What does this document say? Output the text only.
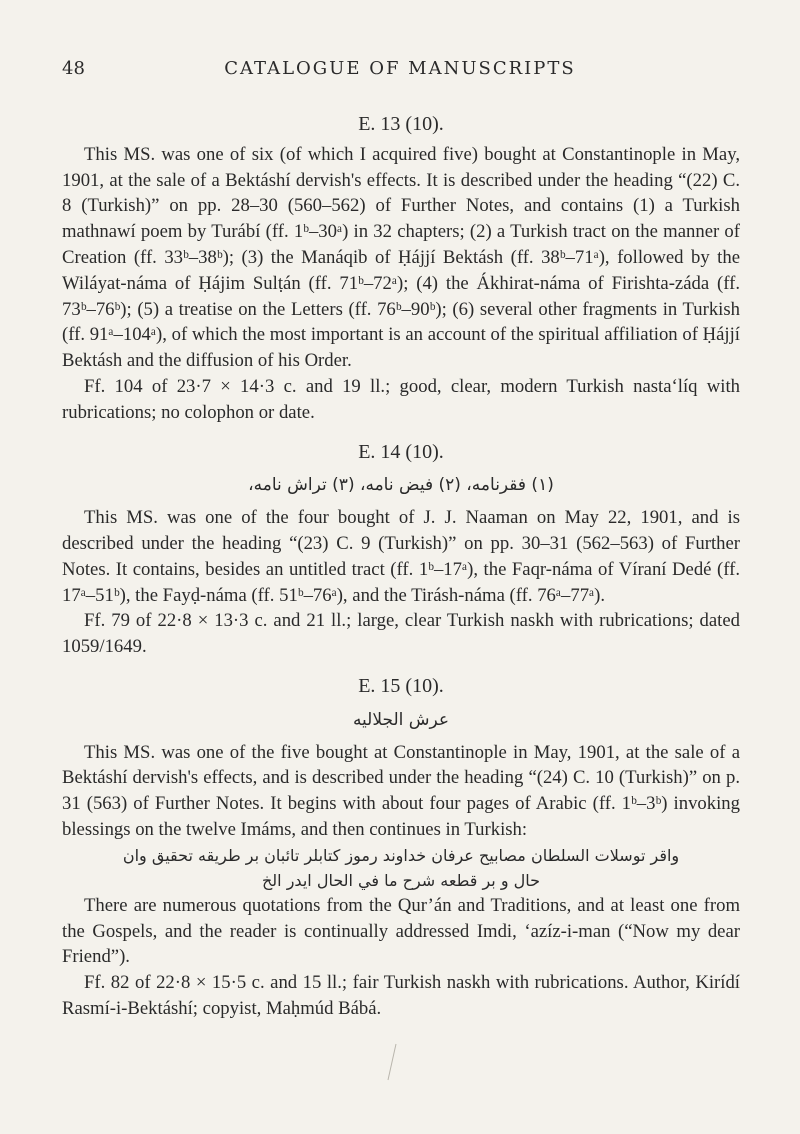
48	CATALOGUE OF MANUSCRIPTS
E. 13 (10).

This MS. was one of six (of which I acquired five) bought at Constantinople in May, 1901, at the sale of a Bektáshí dervish's effects. It is described under the heading “(22) C. 8 (Turkish)” on pp. 28–30 (560–562) of Further Notes, and contains (1) a Turkish mathnawí poem by Turábí (ff. 1ᵇ–30ᵃ) in 32 chapters; (2) a Turkish tract on the manner of Creation (ff. 33ᵇ–38ᵇ); (3) the Manáqib of Ḥájjí Bektásh (ff. 38ᵇ–71ᵃ), followed by the Wiláyat-náma of Ḥájim Sulṭán (ff. 71ᵇ–72ᵃ); (4) the Ákhirat-náma of Firishta-záda (ff. 73ᵇ–76ᵇ); (5) a treatise on the Letters (ff. 76ᵇ–90ᵇ); (6) several other fragments in Turkish (ff. 91ᵃ–104ᵃ), of which the most important is an account of the spiritual affiliation of Ḥájjí Bektásh and the diffusion of his Order.

Ff. 104 of 23·7 × 14·3 c. and 19 ll.; good, clear, modern Turkish nasta‘líq with rubrications; no colophon or date.

E. 14 (10).
(١) فقرنامه، (٢) فيض نامه، (٣) تراش نامه،

This MS. was one of the four bought of J. J. Naaman on May 22, 1901, and is described under the heading “(23) C. 9 (Turkish)” on pp. 30–31 (562–563) of Further Notes. It contains, besides an untitled tract (ff. 1ᵇ–17ᵃ), the Faqr-náma of Víraní Dedé (ff. 17ᵃ–51ᵇ), the Fayḍ-náma (ff. 51ᵇ–76ᵃ), and the Tirásh-náma (ff. 76ᵃ–77ᵃ).

Ff. 79 of 22·8 × 13·3 c. and 21 ll.; large, clear Turkish naskh with rubrications; dated 1059/1649.

E. 15 (10).
عرش الجلاليه

This MS. was one of the five bought at Constantinople in May, 1901, at the sale of a Bektáshí dervish's effects, and is described under the heading “(24) C. 10 (Turkish)” on p. 31 (563) of Further Notes. It begins with about four pages of Arabic (ff. 1ᵇ–3ᵇ) invoking blessings on the twelve Imáms, and then continues in Turkish:

واقر توسلات السلطان مصابيح عرفان خداوند رموز کتابلر تائبان بر طريقه تحقيق وان
حال و بر قطعه شرح ما في الحال ايدر الخ

There are numerous quotations from the Qur’án and Traditions, and at least one from the Gospels, and the reader is continually addressed Imdi, ‘azíz-i-man (“Now my dear Friend”).

Ff. 82 of 22·8 × 15·5 c. and 15 ll.; fair Turkish naskh with rubrications. Author, Kirídí Rasmí-i-Bektáshí; copyist, Maḥmúd Bábá.
